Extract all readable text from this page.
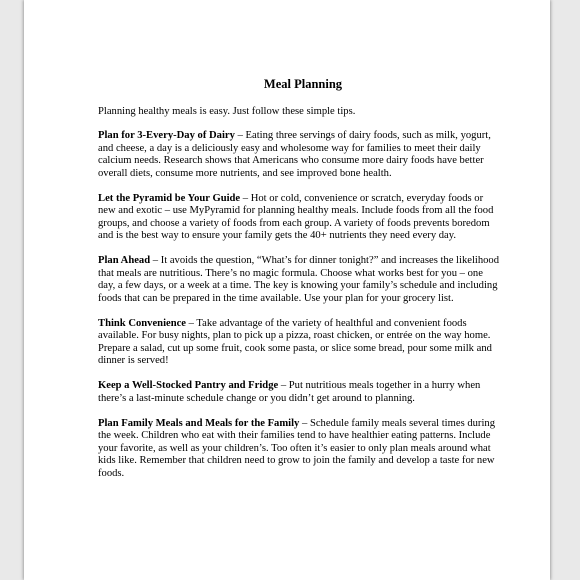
Meal Planning

Planning healthy meals is easy. Just follow these simple tips.

Plan for 3-Every-Day of Dairy – Eating three servings of dairy foods, such as milk, yogurt, and cheese, a day is a deliciously easy and wholesome way for families to meet their daily calcium needs. Research shows that Americans who consume more dairy foods have better overall diets, consume more nutrients, and see improved bone health.

Let the Pyramid be Your Guide – Hot or cold, convenience or scratch, everyday foods or new and exotic – use MyPyramid for planning healthy meals. Include foods from all the food groups, and choose a variety of foods from each group. A variety of foods prevents boredom and is the best way to ensure your family gets the 40+ nutrients they need every day.

Plan Ahead – It avoids the question, “What’s for dinner tonight?” and increases the likelihood that meals are nutritious. There’s no magic formula. Choose what works best for you – one day, a few days, or a week at a time. The key is knowing your family’s schedule and including foods that can be prepared in the time available. Use your plan for your grocery list.

Think Convenience – Take advantage of the variety of healthful and convenient foods available. For busy nights, plan to pick up a pizza, roast chicken, or entrée on the way home. Prepare a salad, cut up some fruit, cook some pasta, or slice some bread, pour some milk and dinner is served!

Keep a Well-Stocked Pantry and Fridge – Put nutritious meals together in a hurry when there’s a last-minute schedule change or you didn’t get around to planning.

Plan Family Meals and Meals for the Family – Schedule family meals several times during the week. Children who eat with their families tend to have healthier eating patterns. Include your favorite, as well as your children’s. Too often it’s easier to only plan meals around what kids like. Remember that children need to grow to join the family and develop a taste for new foods.
